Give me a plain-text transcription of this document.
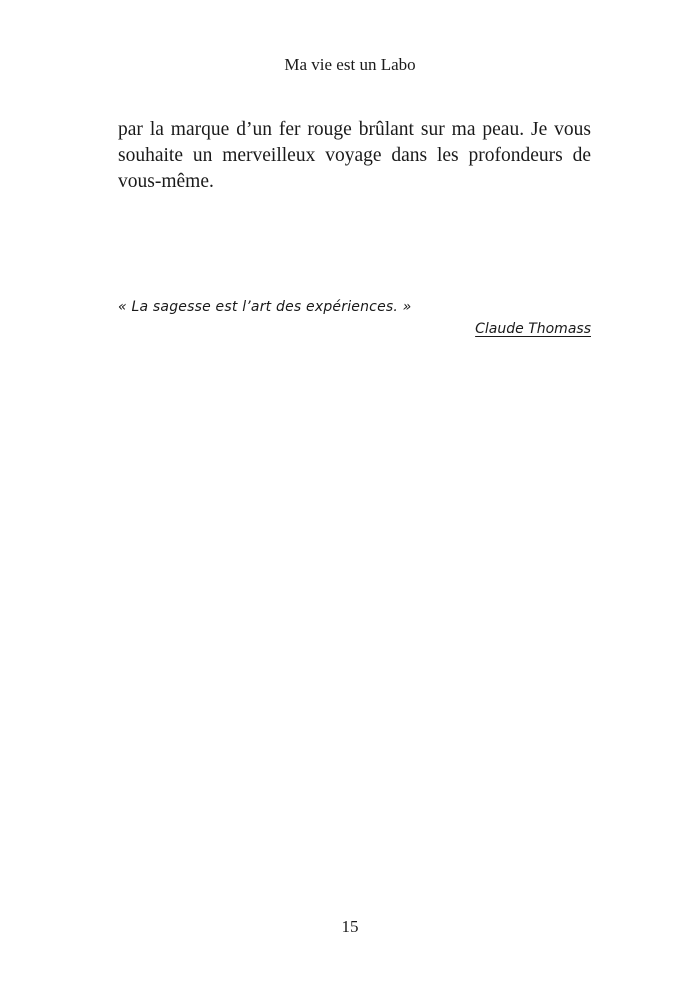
Ma vie est un Labo
par la marque d’un fer rouge brûlant sur ma peau. Je vous
souhaite un merveilleux voyage dans les profondeurs de
vous-même.
« La sagesse est l’art des expériences. »
Claude Thomass
15
